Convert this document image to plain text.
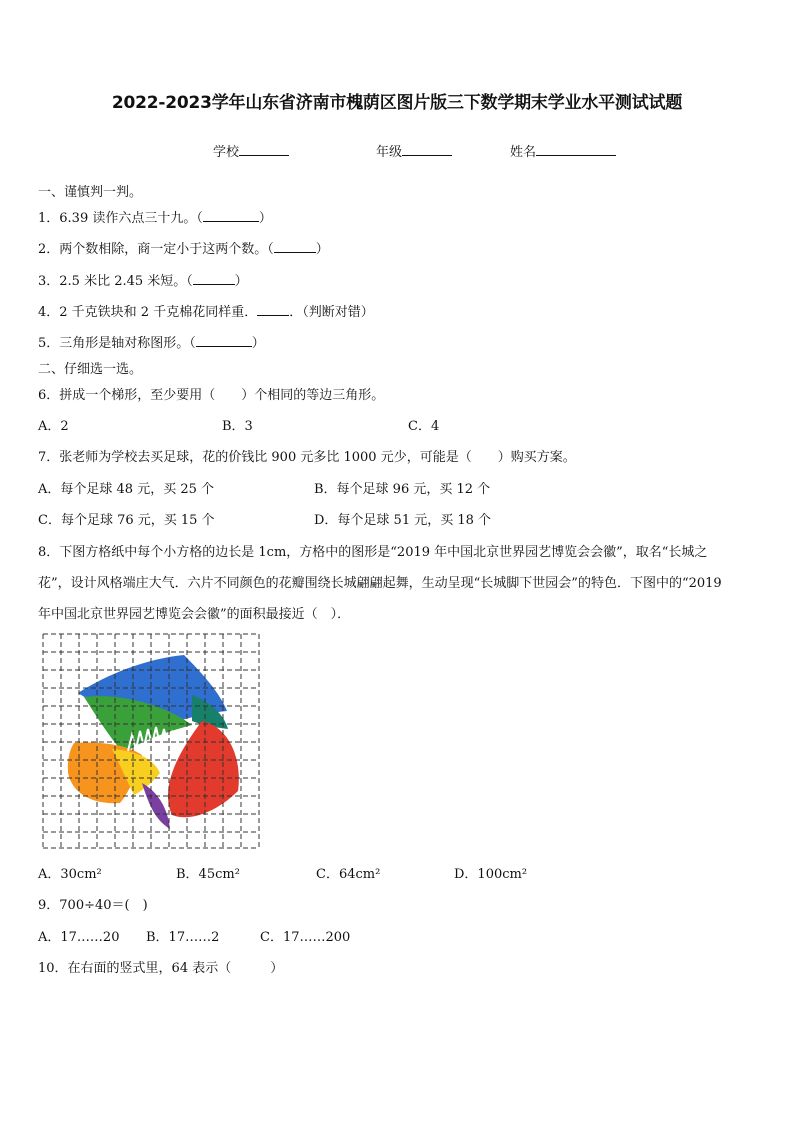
2022-2023学年山东省济南市槐荫区图片版三下数学期末学业水平测试试题
学校	年级	姓名
一、谨慎判一判。
1．6.39 读作六点三十九。（	）
2．两个数相除，商一定小于这两个数。（	）
3．2.5 米比 2.45 米短。（	）
4．2 千克铁块和 2 千克棉花同样重． ．（判断对错）
5．三角形是轴对称图形。（	）
二、仔细选一选。
6．拼成一个梯形，至少要用（　　）个相同的等边三角形。
A．2	B．3	C．4
7．张老师为学校去买足球，花的价钱比 900 元多比 1000 元少，可能是（　　）购买方案。
A．每个足球 48 元，买 25 个	B．每个足球 96 元，买 12 个
C．每个足球 76 元，买 15 个	D．每个足球 51 元，买 18 个
8．下图方格纸中每个小方格的边长是 1cm，方格中的图形是“2019 年中国北京世界园艺博览会会徽”，取名“长城之
花”，设计风格端庄大气．六片不同颜色的花瓣围绕长城翩翩起舞，生动呈现“长城脚下世园会”的特色．下图中的“2019
年中国北京世界园艺博览会会徽”的面积最接近（　）．
A．30cm²	B．45cm²	C．64cm²	D．100cm²
9．700÷40＝(　)
A．17……20 B．17……2	C．17……200
10．在右面的竖式里，64 表示（　　　）
